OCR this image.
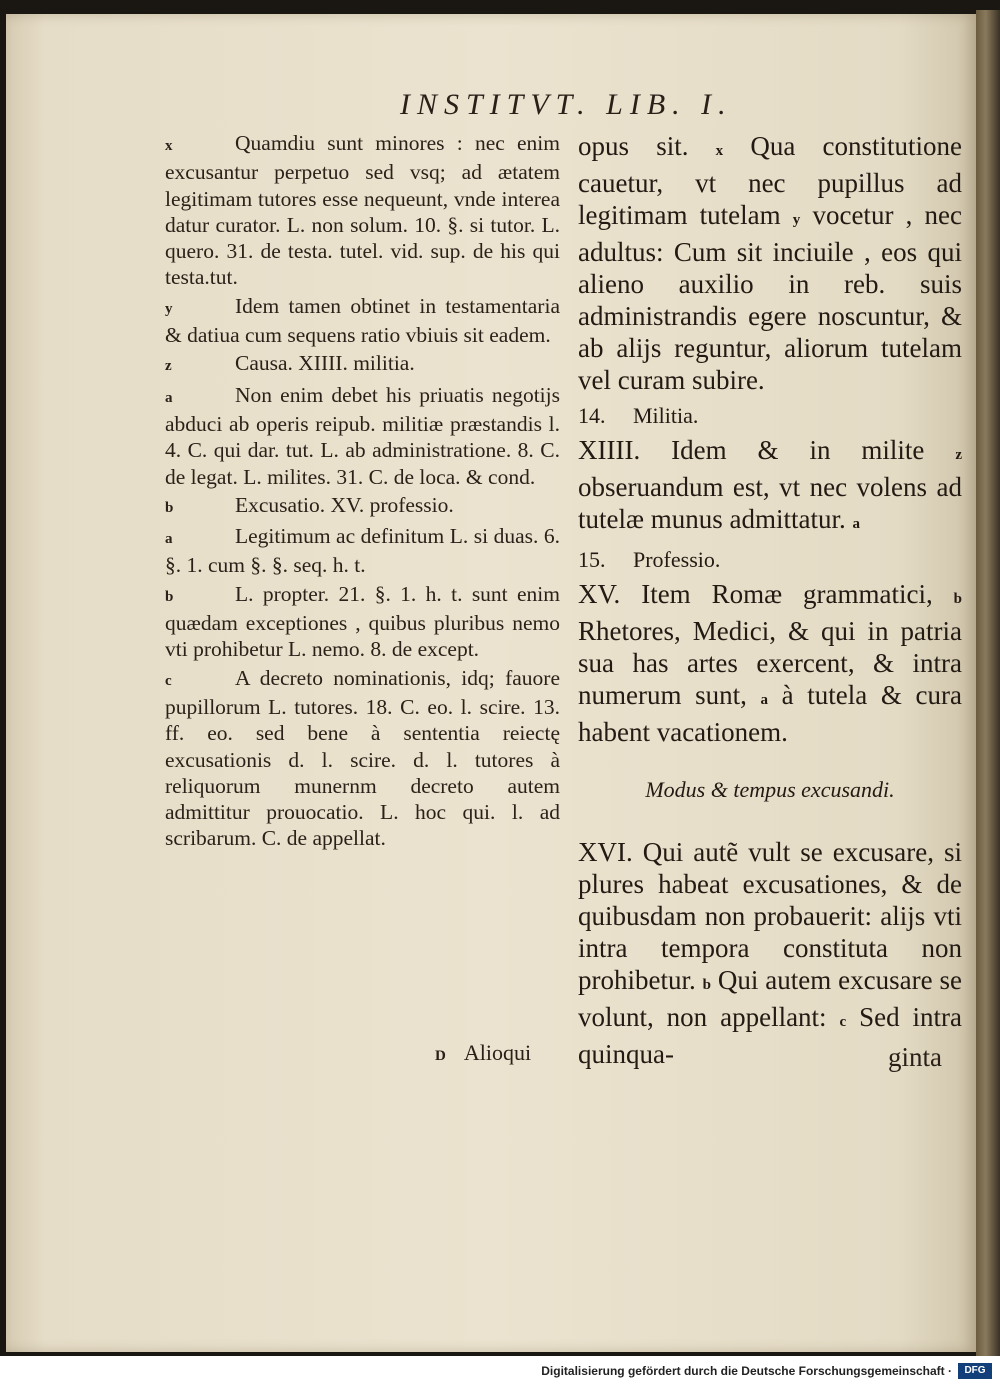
INSTITVT. LIB. I.

x	Quamdiu sunt minores : nec enim excusantur perpetuo sed vsq; ad ætatem legitimam tutores esse nequeunt, vnde interea datur curator. L. non solum. 10. §. si tutor. L. quero. 31. de testa. tutel. vid. sup. de his qui testa.tut.

y	Idem tamen obtinet in testamentaria & datiua cum sequens ratio vbiuis sit eadem.

z	Causa. XIIII. militia.

a	Non enim debet his priuatis negotijs abduci ab operis reipub. militiæ præstandis l. 4. C. qui dar. tut. L. ab administratione. 8. C. de legat. L. milites. 31. C. de loca. & cond.

b	Excusatio. XV. professio.

a	Legitimum ac definitum L. si duas. 6. §. 1. cum §. §. seq. h. t.

b	L. propter. 21. §. 1. h. t. sunt enim quædam exceptiones , quibus pluribus nemo vti prohibetur L. nemo. 8. de except.

c	A decreto nominationis, idq; fauore pupillorum L. tutores. 18. C. eo. l. scire. 13. ff. eo. sed bene à sententia reiectę excusationis d. l. scire. d. l. tutores à reliquorum munernm decreto autem admittitur prouocatio. L. hoc qui. l. ad scribarum. C. de appellat.

D Alioqui

opus sit. x Qua constitutione cauetur, vt nec pupillus ad legitimam tutelam y vocetur , nec adultus: Cum sit inciuile , eos qui alieno auxilio in reb. suis administrandis egere noscuntur, & ab alijs reguntur, aliorum tutelam vel curam subire.

14. Militia.

XIIII. Idem & in milite z obseruandum est, vt nec volens ad tutelæ munus admittatur. a

15. Professio.

XV. Item Romæ grammatici, b Rhetores, Medici, & qui in patria sua has artes exercent, & intra numerum sunt, a à tutela & cura habent vacationem.

Modus & tempus excusandi.

XVI. Qui autẽ vult se excusare, si plures habeat excusationes, & de quibusdam non probauerit: alijs vti intra tempora constituta non prohibetur. b Qui autem excusare se volunt, non appellant: c Sed intra quinqua-	ginta
Digitalisierung gefördert durch die Deutsche Forschungsgemeinschaft ·	DFG
